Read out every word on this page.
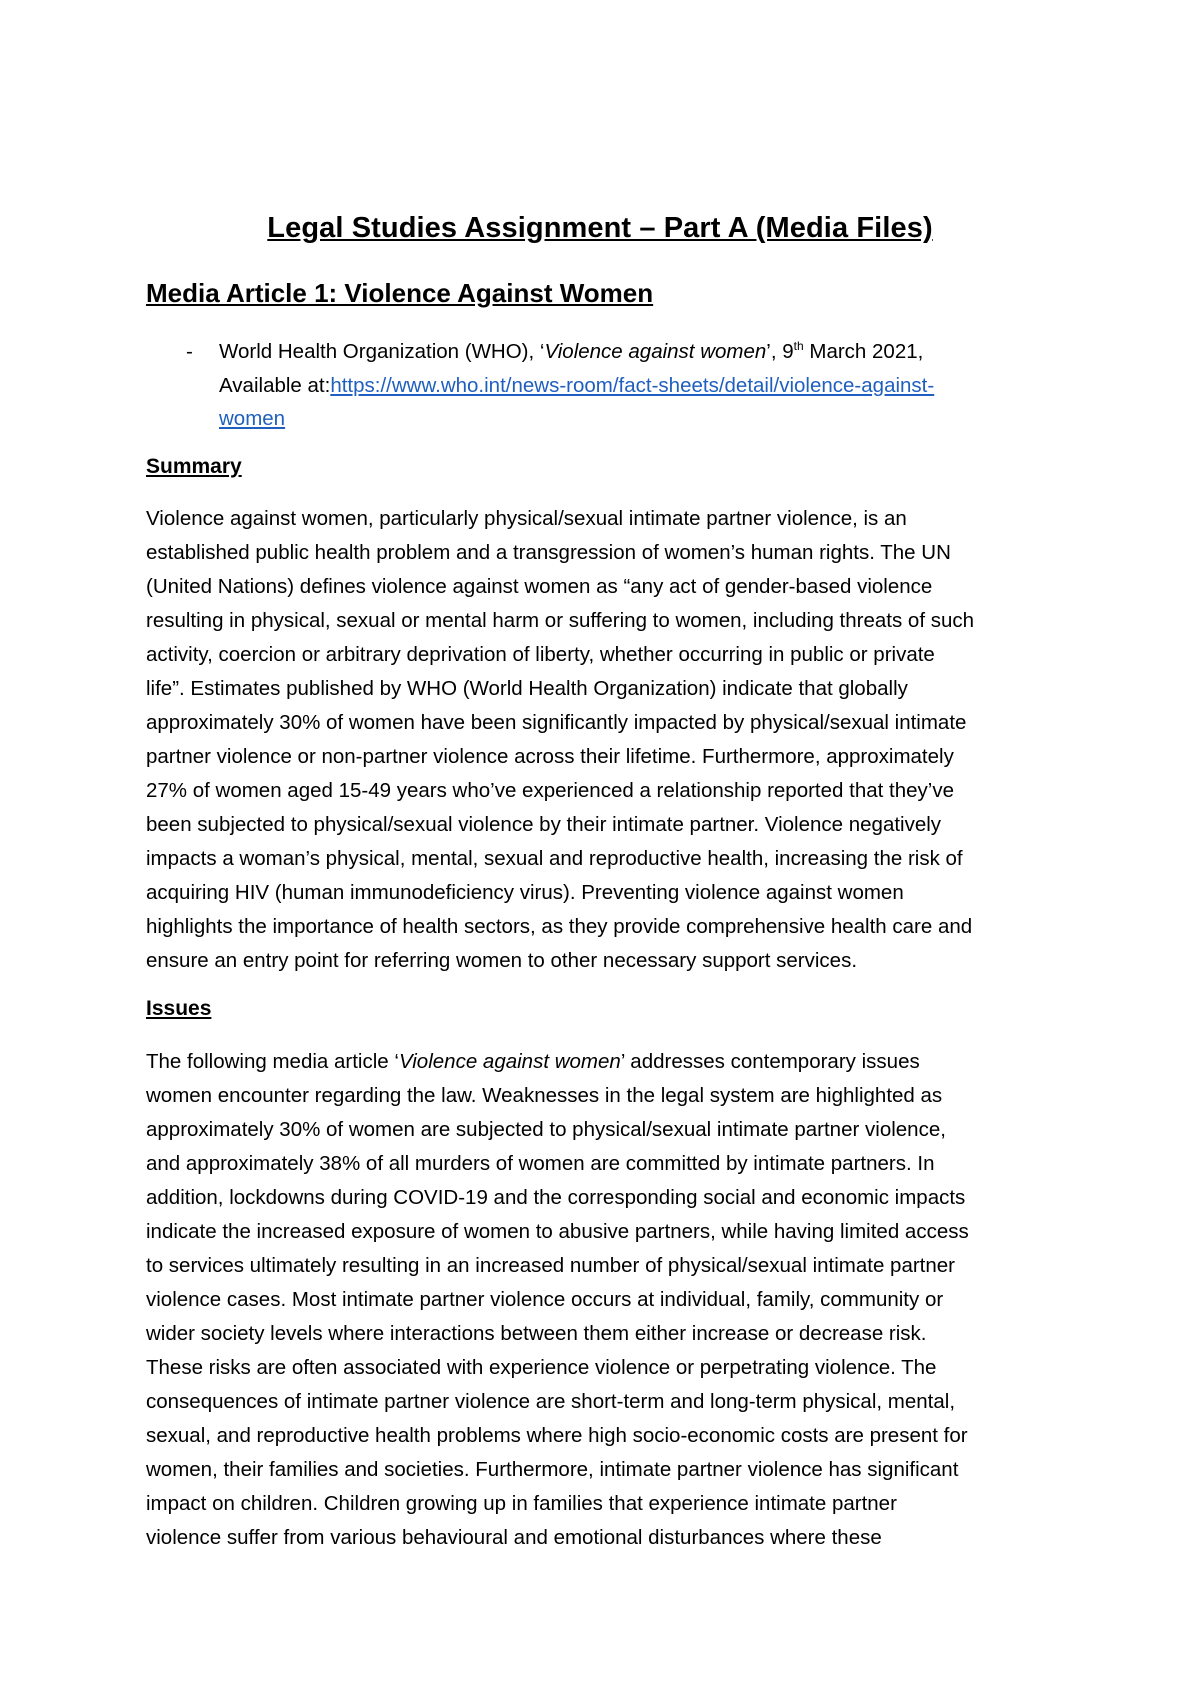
Legal Studies Assignment – Part A (Media Files)
Media Article 1: Violence Against Women
- World Health Organization (WHO), ‘Violence against women’, 9th March 2021,
Available at:https://www.who.int/news-room/fact-sheets/detail/violence-against-
women
Summary
Violence against women, particularly physical/sexual intimate partner violence, is an
established public health problem and a transgression of women’s human rights. The UN
(United Nations) defines violence against women as “any act of gender-based violence
resulting in physical, sexual or mental harm or suffering to women, including threats of such
activity, coercion or arbitrary deprivation of liberty, whether occurring in public or private
life”. Estimates published by WHO (World Health Organization) indicate that globally
approximately 30% of women have been significantly impacted by physical/sexual intimate
partner violence or non-partner violence across their lifetime. Furthermore, approximately
27% of women aged 15-49 years who’ve experienced a relationship reported that they’ve
been subjected to physical/sexual violence by their intimate partner. Violence negatively
impacts a woman’s physical, mental, sexual and reproductive health, increasing the risk of
acquiring HIV (human immunodeficiency virus). Preventing violence against women
highlights the importance of health sectors, as they provide comprehensive health care and
ensure an entry point for referring women to other necessary support services.
Issues
The following media article ‘Violence against women’ addresses contemporary issues
women encounter regarding the law. Weaknesses in the legal system are highlighted as
approximately 30% of women are subjected to physical/sexual intimate partner violence,
and approximately 38% of all murders of women are committed by intimate partners. In
addition, lockdowns during COVID-19 and the corresponding social and economic impacts
indicate the increased exposure of women to abusive partners, while having limited access
to services ultimately resulting in an increased number of physical/sexual intimate partner
violence cases. Most intimate partner violence occurs at individual, family, community or
wider society levels where interactions between them either increase or decrease risk.
These risks are often associated with experience violence or perpetrating violence. The
consequences of intimate partner violence are short-term and long-term physical, mental,
sexual, and reproductive health problems where high socio-economic costs are present for
women, their families and societies. Furthermore, intimate partner violence has significant
impact on children. Children growing up in families that experience intimate partner
violence suffer from various behavioural and emotional disturbances where these
